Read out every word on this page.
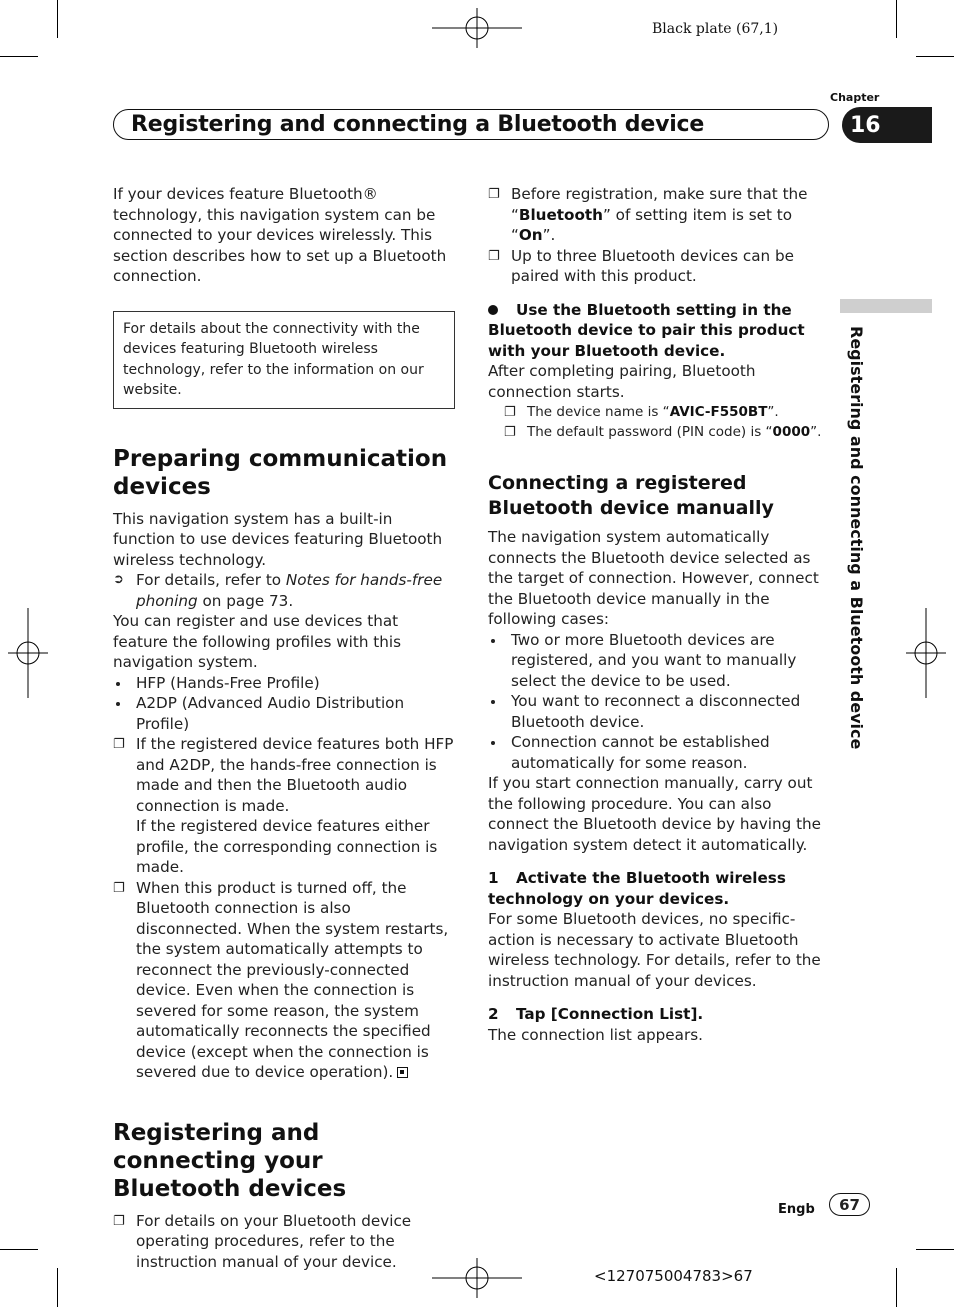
Black plate (67,1)
Chapter
Registering and connecting a Bluetooth device	16
Registering and connecting a Bluetooth device

If your devices feature Bluetooth® technology, this navigation system can be connected to your devices wirelessly. This section describes how to set up a Bluetooth connection.

For details about the connectivity with the devices featuring Bluetooth wireless technology, refer to the information on our website.
Preparing communication devices

This navigation system has a built-in function to use devices featuring Bluetooth wireless technology.

➲ For details, refer to Notes for hands-free phoning on page 73.

You can register and use devices that feature the following profiles with this navigation system.

HFP (Hands-Free Profile)
A2DP (Advanced Audio Distribution Profile)
❐ If the registered device features both HFP and A2DP, the hands-free connection is made and then the Bluetooth audio connection is made.
If the registered device features either profile, the corresponding connection is made.
❐ When this product is turned off, the Bluetooth connection is also disconnected. When the system restarts, the system automatically attempts to reconnect the previously-connected device. Even when the connection is severed for some reason, the system automatically reconnects the specified device (except when the connection is severed due to device operation).
Registering and connecting your Bluetooth devices
❐ For details on your Bluetooth device operating procedures, refer to the instruction manual of your device.
❐ Before registration, make sure that the “Bluetooth” of setting item is set to “On”.
❐ Up to three Bluetooth devices can be paired with this product.
Use the Bluetooth setting in the Bluetooth device to pair this product with your Bluetooth device.

After completing pairing, Bluetooth connection starts.

❐ The device name is “AVIC-F550BT”.
❐ The default password (PIN code) is “0000”.
Connecting a registered Bluetooth device manually

The navigation system automatically connects the Bluetooth device selected as the target of connection. However, connect the Bluetooth device manually in the following cases:

Two or more Bluetooth devices are registered, and you want to manually select the device to be used.
You want to reconnect a disconnected Bluetooth device.
Connection cannot be established automatically for some reason.

If you start connection manually, carry out the following procedure. You can also connect the Bluetooth device by having the navigation system detect it automatically.

1 Activate the Bluetooth wireless technology on your devices.

For some Bluetooth devices, no specific-action is necessary to activate Bluetooth wireless technology. For details, refer to the instruction manual of your devices.

2 Tap [Connection List].

The connection list appears.

Engb 67
<127075004783>67
